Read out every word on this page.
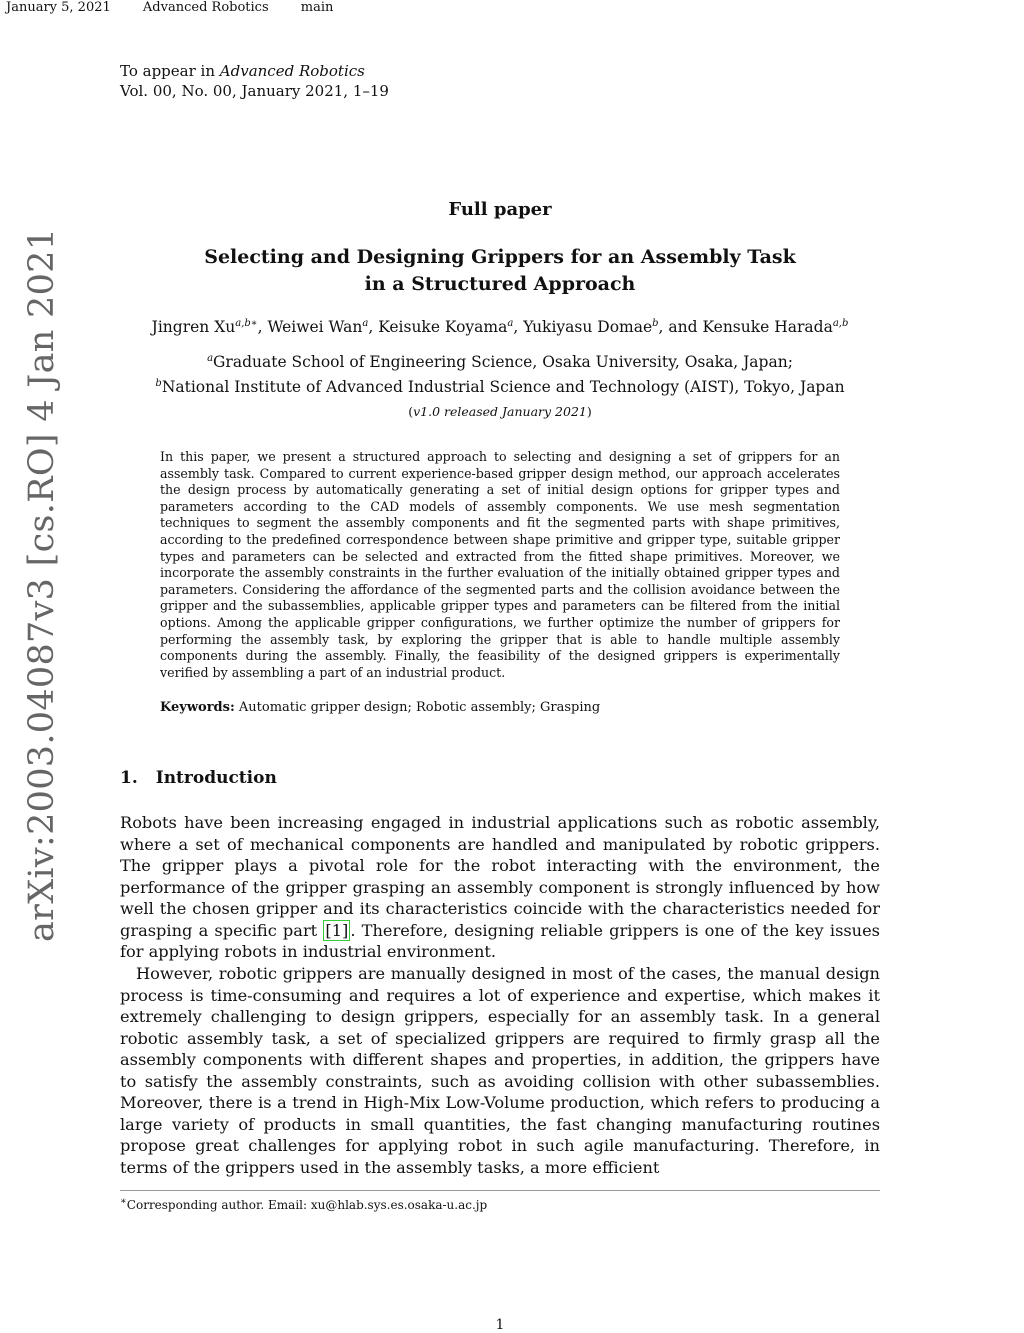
January 5, 2021 Advanced Robotics main
To appear in Advanced Robotics
Vol. 00, No. 00, January 2021, 1–19
Full paper
Selecting and Designing Grippers for an Assembly Task
in a Structured Approach
Jingren $Xu^{a,b∗}$, Weiwei Wan$^a$, Keisuke Koyama$^a$, Yukiyasu Domae$^b$, and Kensuke Harada$^{a,b}$
$^a$Graduate School of Engineering Science, Osaka University, Osaka, Japan;
$^b$National Institute of Advanced Industrial Science and Technology (AIST), Tokyo, Japan
(v1.0 released January 2021)
In this paper, we present a structured approach to selecting and designing a set of grippers for an assembly task. Compared to current experience-based gripper design method, our approach accelerates the design process by automatically generating a set of initial design options for gripper types and parameters according to the CAD models of assembly components. We use mesh segmentation techniques to segment the assembly components and fit the segmented parts with shape primitives, according to the predefined correspondence between shape primitive and gripper type, suitable gripper types and parameters can be selected and extracted from the fitted shape primitives. Moreover, we incorporate the assembly constraints in the further evaluation of the initially obtained gripper types and parameters. Considering the affordance of the segmented parts and the collision avoidance between the gripper and the subassemblies, applicable gripper types and parameters can be filtered from the initial options. Among the applicable gripper configurations, we further optimize the number of grippers for performing the assembly task, by exploring the gripper that is able to handle multiple assembly components during the assembly. Finally, the feasibility of the designed grippers is experimentally verified by assembling a part of an industrial product.
Keywords: Automatic gripper design; Robotic assembly; Grasping
1. Introduction
Robots have been increasing engaged in industrial applications such as robotic assembly, where a set of mechanical components are handled and manipulated by robotic grippers. The gripper plays a pivotal role for the robot interacting with the environment, the performance of the gripper grasping an assembly component is strongly influenced by how well the chosen gripper and its characteristics coincide with the characteristics needed for grasping a specific part [1] . Therefore, designing reliable grippers is one of the key issues for applying robots in industrial environment.
However, robotic grippers are manually designed in most of the cases, the manual design process is time-consuming and requires a lot of experience and expertise, which makes it extremely challenging to design grippers, especially for an assembly task. In a general robotic assembly task, a set of specialized grippers are required to firmly grasp all the assembly components with different shapes and properties, in addition, the grippers have to satisfy the assembly constraints, such as avoiding collision with other subassemblies. Moreover, there is a trend in High-Mix Low-Volume production, which refers to producing a large variety of products in small quantities, the fast changing manufacturing routines propose great challenges for applying robot in such agile manufacturing. Therefore, in terms of the grippers used in the assembly tasks, a more efficient
∗Corresponding author. Email: xu@hlab.sys.es.osaka-u.ac.jp
arXiv:2003.04087v3 [cs.RO] 4 Jan 2021
1
